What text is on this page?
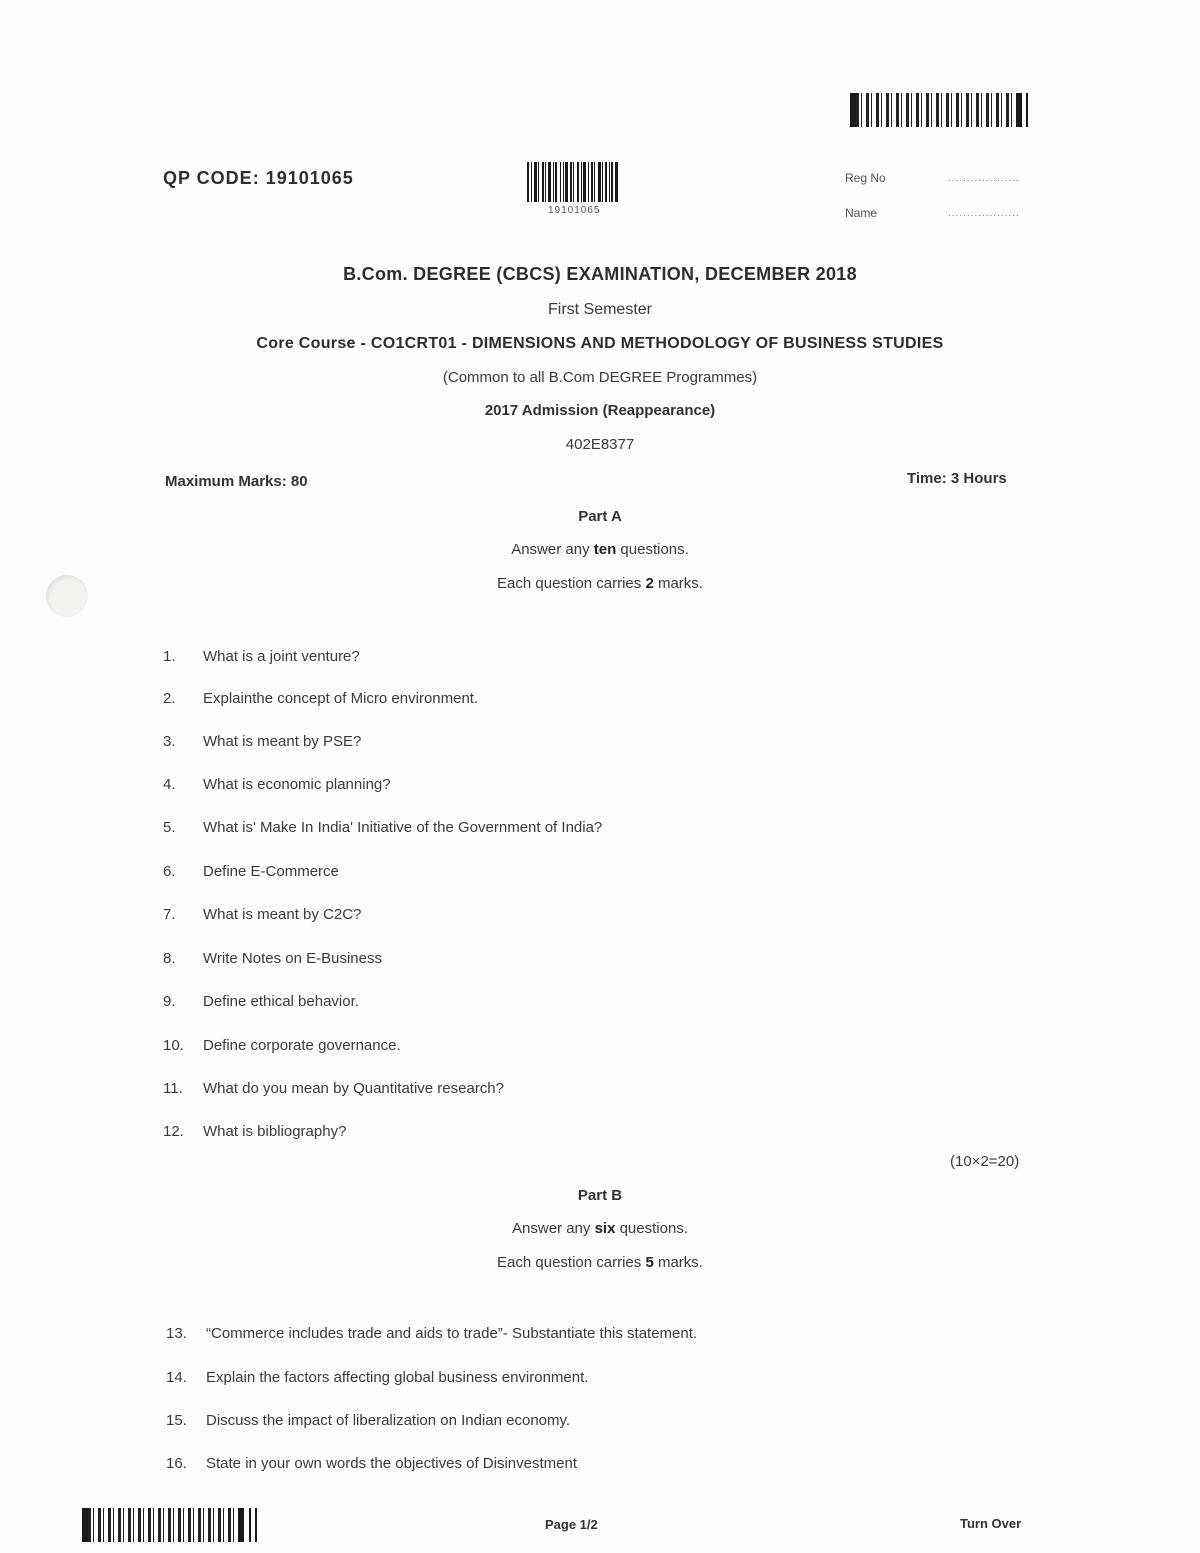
QP CODE: 19101065
19101065
Reg No	...................
Name	...................
B.Com. DEGREE (CBCS) EXAMINATION, DECEMBER 2018
First Semester
Core Course - CO1CRT01 - DIMENSIONS AND METHODOLOGY OF BUSINESS STUDIES
(Common to all B.Com DEGREE Programmes)
2017 Admission (Reappearance)
402E8377
Maximum Marks: 80	Time: 3 Hours
Part A
Answer any ten questions.
Each question carries 2 marks.
1. What is a joint venture?
2. Explainthe concept of Micro environment.
3. What is meant by PSE?
4. What is economic planning?
5. What is' Make In India' Initiative of the Government of India?
6. Define E-Commerce
7. What is meant by C2C?
8. Write Notes on E-Business
9. Define ethical behavior.
10. Define corporate governance.
11. What do you mean by Quantitative research?
12. What is bibliography?
(10×2=20)
Part B
Answer any six questions.
Each question carries 5 marks.
13. “Commerce includes trade and aids to trade”- Substantiate this statement.
14. Explain the factors affecting global business environment.
15. Discuss the impact of liberalization on Indian economy.
16. State in your own words the objectives of Disinvestment
Page 1/2	Turn Over
